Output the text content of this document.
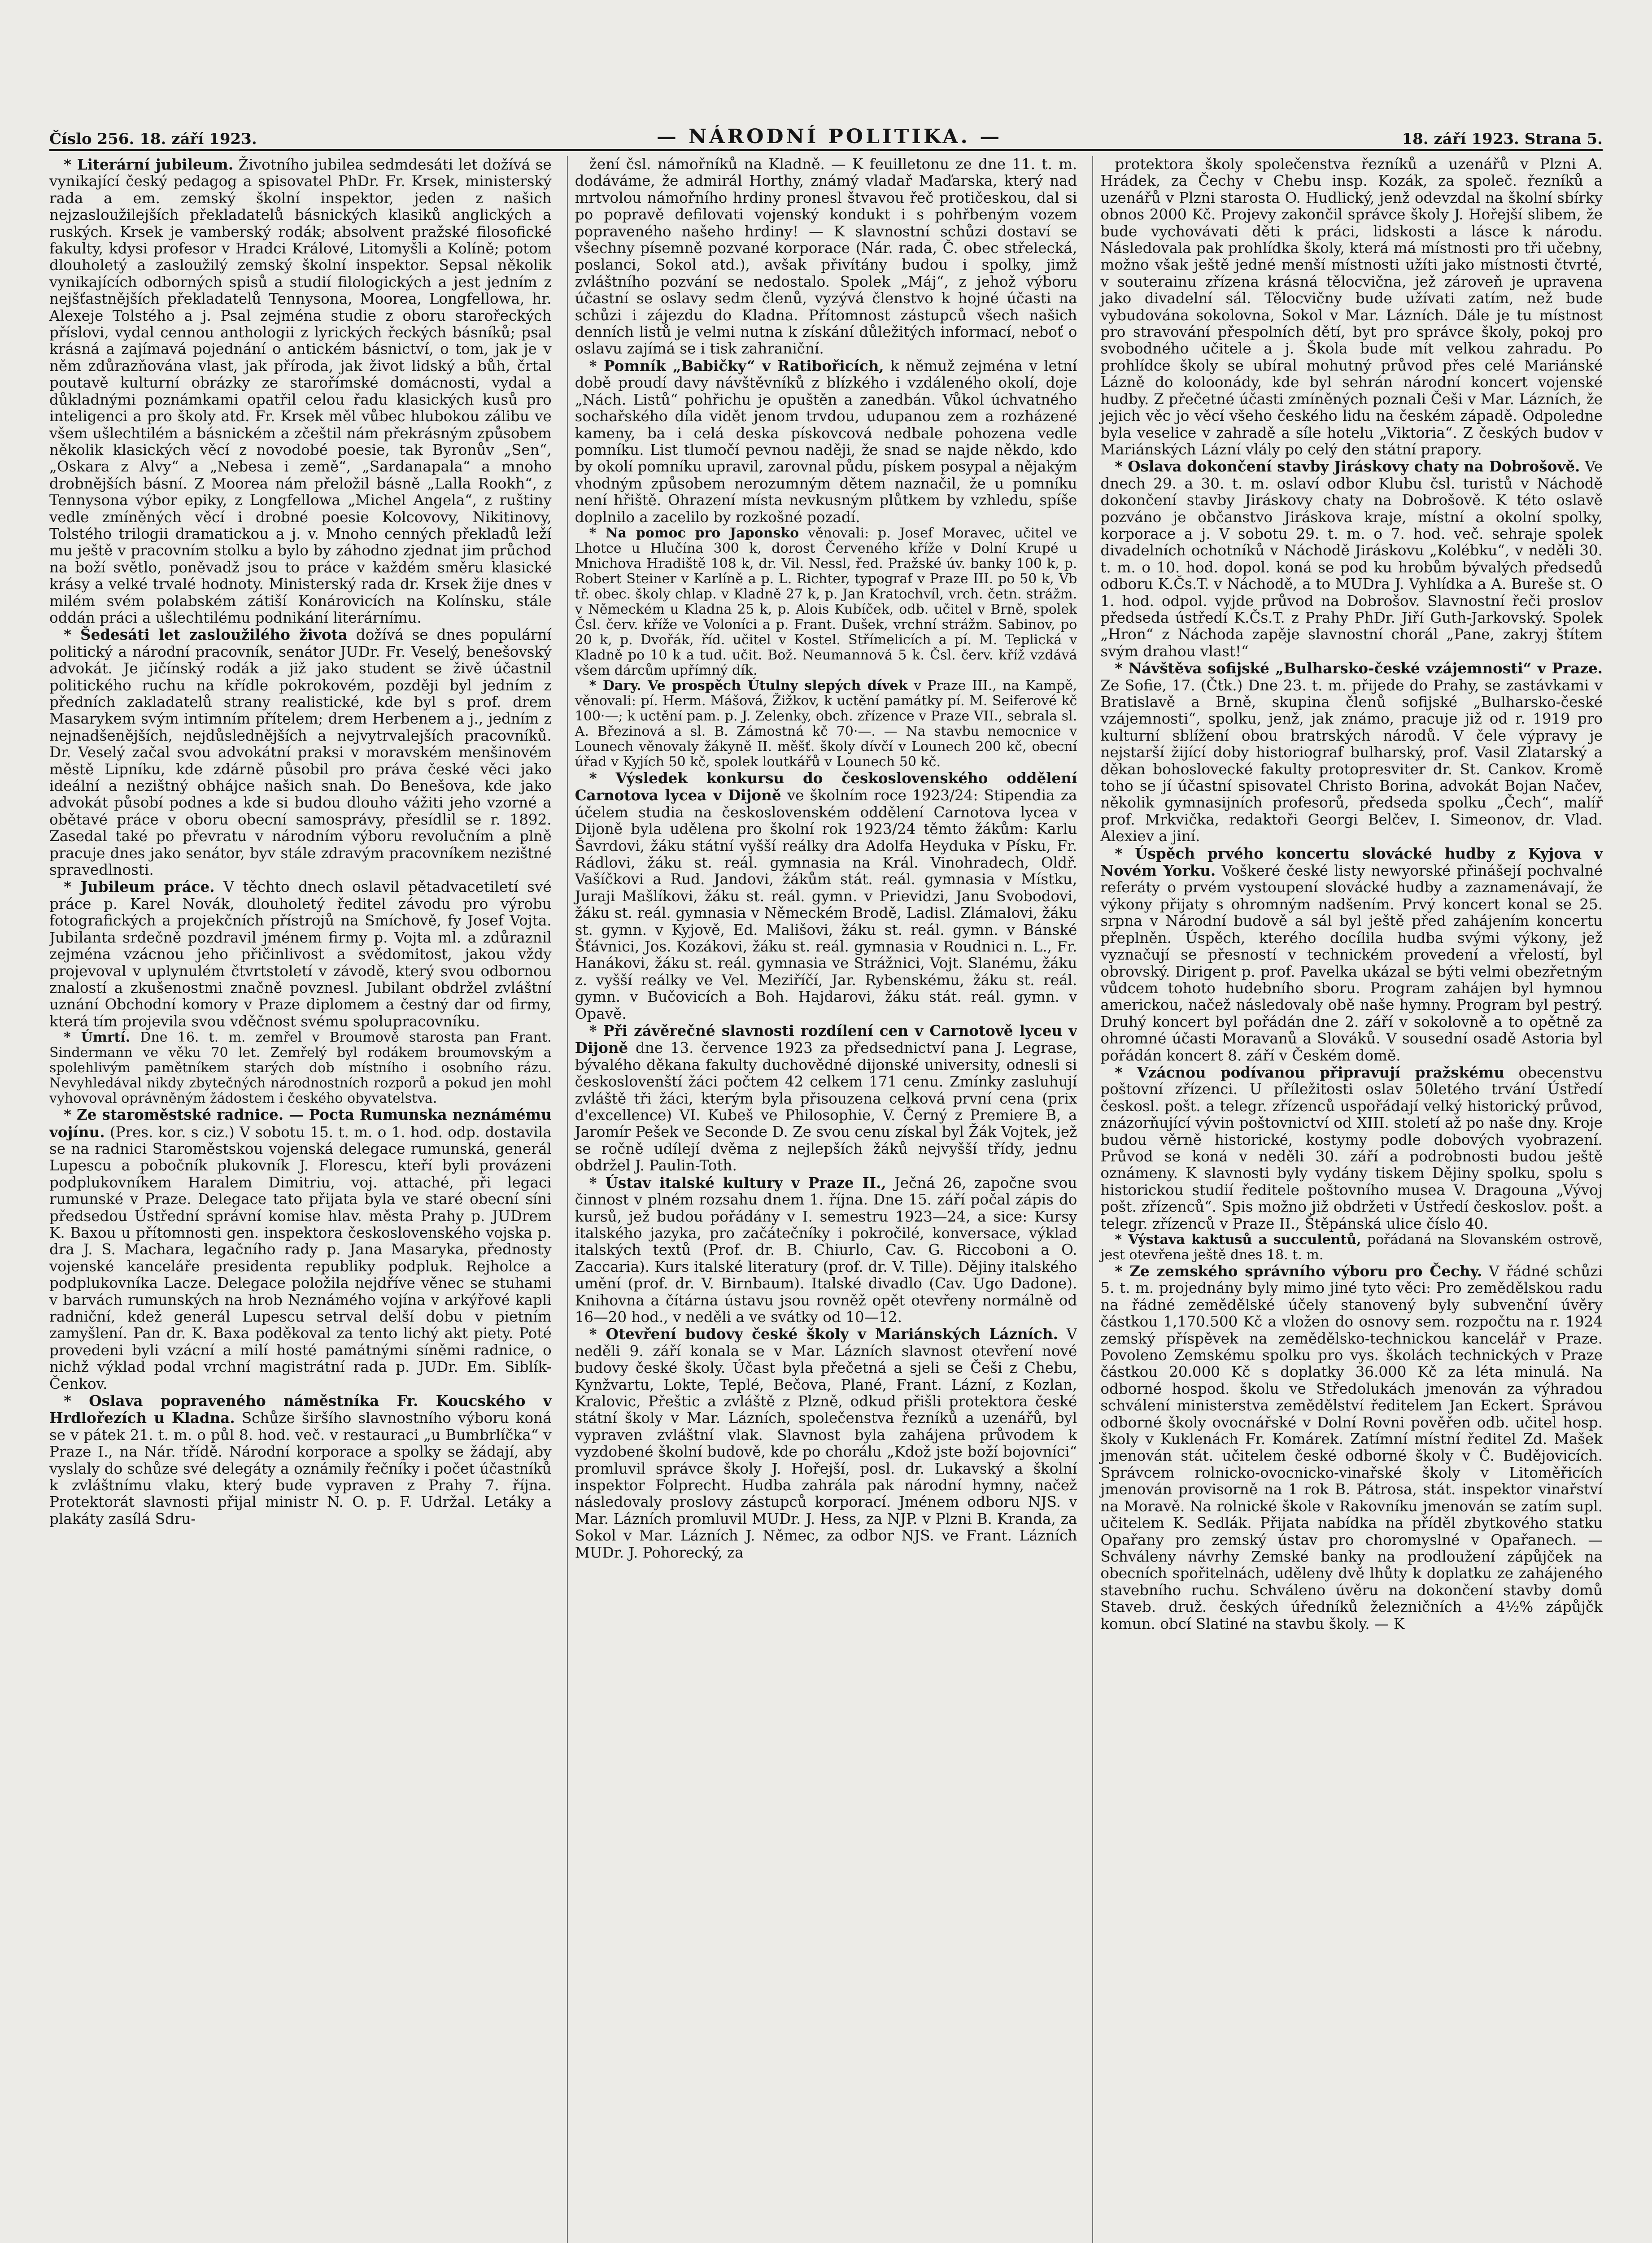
Číslo 256. 18. září 1923.	— NÁRODNÍ POLITIKA. —	18. září 1923. Strana 5.

* Literární jubileum. Životního jubilea sedmdesáti let dožívá se vynikající český pedagog a spisovatel PhDr. Fr. Krsek, ministerský rada a em. zemský školní inspektor, jeden z našich nejzasloužilejších překladatelů básnických klasiků anglických a ruských. Krsek je vamberský rodák; absolvent pražské filosofické fakulty, kdysi profesor v Hradci Králové, Litomyšli a Kolíně; potom dlouholetý a zasloužilý zemský školní inspektor. Sepsal několik vynikajících odborných spisů a studií filologických a jest jedním z nejšťastnějších překladatelů Tennysona, Moorea, Longfellowa, hr. Alexeje Tolstého a j. Psal zejména studie z oboru starořeckých příslovi, vydal cennou anthologii z lyrických řeckých básníků; psal krásná a zajímavá pojednání o antickém básnictví, o tom, jak je v něm zdůrazňována vlast, jak příroda, jak život lidský a bůh, črtal poutavě kulturní obrázky ze starořímské domácnosti, vydal a důkladnými poznámkami opatřil celou řadu klasických kusů pro inteligenci a pro školy atd. Fr. Krsek měl vůbec hlubokou zálibu ve všem ušlechtilém a básnickém a zčeštil nám překrásným způsobem několik klasických věcí z novodobé poesie, tak Byronův „Sen“, „Oskara z Alvy“ a „Nebesa i země“, „Sardanapala“ a mnoho drobnějších básní. Z Moorea nám přeložil básně „Lalla Rookh“, z Tennysona výbor epiky, z Longfellowa „Michel Angela“, z ruštiny vedle zmíněných věcí i drobné poesie Kolcovovy, Nikitinovy, Tolstého trilogii dramatickou a j. v. Mnoho cenných překladů leží mu ještě v pracovním stolku a bylo by záhodno zjednat jim průchod na boží světlo, poněvadž jsou to práce v každém směru klasické krásy a velké trvalé hodnoty. Ministerský rada dr. Krsek žije dnes v milém svém polabském zátiší Konárovicích na Kolínsku, stále oddán práci a ušlechtilému podnikání literárnímu.

* Šedesáti let zasloužilého života dožívá se dnes populární politický a národní pracovník, senátor JUDr. Fr. Veselý, benešovský advokát. Je jičínský rodák a již jako student se živě účastnil politického ruchu na křídle pokrokovém, později byl jedním z předních zakladatelů strany realistické, kde byl s prof. drem Masarykem svým intimním přítelem; drem Herbenem a j., jedním z nejnadšenějších, nejdůslednějších a nejvytrvalejších pracovníků. Dr. Veselý začal svou advokátní praksi v moravském menšinovém městě Lipníku, kde zdárně působil pro práva české věci jako ideální a nezištný obhájce našich snah. Do Benešova, kde jako advokát působí podnes a kde si budou dlouho vážiti jeho vzorné a obětavé práce v oboru obecní samosprávy, přesídlil se r. 1892. Zasedal také po převratu v národním výboru revolučním a plně pracuje dnes jako senátor, byv stále zdravým pracovníkem nezištné spravedlnosti.

* Jubileum práce. V těchto dnech oslavil pětadvacetiletí své práce p. Karel Novák, dlouholetý ředitel závodu pro výrobu fotografických a projekčních přístrojů na Smíchově, fy Josef Vojta. Jubilanta srdečně pozdravil jménem firmy p. Vojta ml. a zdůraznil zejména vzácnou jeho přičinlivost a svědomitost, jakou vždy projevoval v uplynulém čtvrtstoletí v závodě, který svou odbornou znalostí a zkušenostmi značně povznesl. Jubilant obdržel zvláštní uznání Obchodní komory v Praze diplomem a čestný dar od firmy, která tím projevila svou vděčnost svému spolupracovníku.

* Úmrtí. Dne 16. t. m. zemřel v Broumově starosta pan Frant. Sindermann ve věku 70 let. Zemřelý byl rodákem broumovským a spolehlivým pamětníkem starých dob místního i osobního rázu. Nevyhledával nikdy zbytečných národnostních rozporů a pokud jen mohl vyhovoval oprávněným žádostem i českého obyvatelstva.

* Ze staroměstské radnice. — Pocta Rumunska neznámému vojínu. (Pres. kor. s ciz.) V sobotu 15. t. m. o 1. hod. odp. dostavila se na radnici Staroměstskou vojenská delegace rumunská, generál Lupescu a pobočník plukovník J. Florescu, kteří byli provázeni podplukovníkem Haralem Dimitriu, voj. attaché, při legaci rumunské v Praze. Delegace tato přijata byla ve staré obecní síni předsedou Ústřední správní komise hlav. města Prahy p. JUDrem K. Baxou u přítomnosti gen. inspektora československého vojska p. dra J. S. Machara, legačního rady p. Jana Masaryka, přednosty vojenské kanceláře presidenta republiky podpluk. Rejholce a podplukovníka Lacze. Delegace položila nejdříve věnec se stuhami v barvách rumunských na hrob Neznámého vojína v arkýřové kapli radniční, kdež generál Lupescu setrval delší dobu v pietním zamyšlení. Pan dr. K. Baxa poděkoval za tento lichý akt piety. Poté provedeni byli vzácní a milí hosté památnými síněmi radnice, o nichž výklad podal vrchní magistrátní rada p. JUDr. Em. Siblík-Čenkov.

* Oslava popraveného náměstníka Fr. Koucského v Hrdlořezích u Kladna. Schůze širšího slavnostního výboru koná se v pátek 21. t. m. o půl 8. hod. več. v restauraci „u Bumbrlíčka“ v Praze I., na Nár. třídě. Národní korporace a spolky se žádají, aby vyslaly do schůze své delegáty a oznámily řečníky i počet účastníků k zvláštnímu vlaku, který bude vypraven z Prahy 7. října. Protektorát slavnosti přijal ministr N. O. p. F. Udržal. Letáky a plakáty zasílá Sdru-

žení čsl. námořníků na Kladně. — K feuilletonu ze dne 11. t. m. dodáváme, že admirál Horthy, známý vladař Maďarska, který nad mrtvolou námořního hrdiny pronesl štvavou řeč protičeskou, dal si po popravě defilovati vojenský kondukt i s pohřbeným vozem popraveného našeho hrdiny! — K slavnostní schůzi dostaví se všechny písemně pozvané korporace (Nár. rada, Č. obec střelecká, poslanci, Sokol atd.), avšak přivítány budou i spolky, jimž zvláštního pozvání se nedostalo. Spolek „Máj“, z jehož výboru účastní se oslavy sedm členů, vyzývá členstvo k hojné účasti na schůzi i zájezdu do Kladna. Přítomnost zástupců všech našich denních listů je velmi nutna k získání důležitých informací, neboť o oslavu zajímá se i tisk zahraniční.

* Pomník „Babičky“ v Ratibořicích, k němuž zejména v letní době proudí davy návštěvníků z blízkého i vzdáleného okolí, doje „Nách. Listů“ pohřichu je opuštěn a zanedbán. Vůkol úchvatného sochařského díla vidět jenom trvdou, udupanou zem a rozházené kameny, ba i celá deska pískovcová nedbale pohozena vedle pomníku. List tlumočí pevnou naději, že snad se najde někdo, kdo by okolí pomníku upravil, zarovnal půdu, pískem posypal a nějakým vhodným způsobem nerozumným dětem naznačil, že u pomníku není hřiště. Ohrazení místa nevkusným plůtkem by vzhledu, spíše doplnilo a zacelilo by rozkošné pozadí.

* Na pomoc pro Japonsko věnovali: p. Josef Moravec, učitel ve Lhotce u Hlučína 300 k, dorost Červeného kříže v Dolní Krupé u Mnichova Hradiště 108 k, dr. Vil. Nessl, řed. Pražské úv. banky 100 k, p. Robert Steiner v Karlíně a p. L. Richter, typograf v Praze III. po 50 k, Vb tř. obec. školy chlap. v Kladně 27 k, p. Jan Kratochvíl, vrch. četn. strážm. v Německém u Kladna 25 k, p. Alois Kubíček, odb. učitel v Brně, spolek Čsl. červ. kříže ve Voloníci a p. Frant. Dušek, vrchní strážm. Sabinov, po 20 k, p. Dvořák, říd. učitel v Kostel. Střímelicích a pí. M. Teplická v Kladně po 10 k a tud. učit. Bož. Neumannová 5 k. Čsl. červ. kříž vzdává všem dárcům upřímný dík.

* Dary. Ve prospěch Útulny slepých dívek v Praze III., na Kampě, věnovali: pí. Herm. Mášová, Žižkov, k uctění památky pí. M. Seiferové kč 100·—; k uctění pam. p. J. Zelenky, obch. zřízence v Praze VII., sebrala sl. A. Březinová a sl. B. Zámostná kč 70·—. — Na stavbu nemocnice v Lounech věnovaly žákyně II. měšť. školy dívčí v Lounech 200 kč, obecní úřad v Kyjích 50 kč, spolek loutkářů v Lounech 50 kč.

* Výsledek konkursu do československého oddělení Carnotova lycea v Dijoně ve školním roce 1923/24: Stipendia za účelem studia na československém oddělení Carnotova lycea v Dijoně byla udělena pro školní rok 1923/24 těmto žákům: Karlu Šavrdovi, žáku státní vyšší reálky dra Adolfa Heyduka v Písku, Fr. Rádlovi, žáku st. reál. gymnasia na Král. Vinohradech, Oldř. Vašíčkovi a Rud. Jandovi, žákům stát. reál. gymnasia v Místku, Juraji Mašlíkovi, žáku st. reál. gymn. v Prievidzi, Janu Svobodovi, žáku st. reál. gymnasia v Německém Brodě, Ladisl. Zlámalovi, žáku st. gymn. v Kyjově, Ed. Mališovi, žáku st. reál. gymn. v Bánské Šťávnici, Jos. Kozákovi, žáku st. reál. gymnasia v Roudnici n. L., Fr. Hanákovi, žáku st. reál. gymnasia ve Strážnici, Vojt. Slanému, žáku z. vyšší reálky ve Vel. Meziříčí, Jar. Rybenskému, žáku st. reál. gymn. v Bučovicích a Boh. Hajdarovi, žáku stát. reál. gymn. v Opavě.

* Při závěrečné slavnosti rozdílení cen v Carnotově lyceu v Dijoně dne 13. července 1923 za předsednictví pana J. Legrase, bývalého děkana fakulty duchovědné dijonské university, odnesli si českoslovenští žáci počtem 42 celkem 171 cenu. Zmínky zasluhují zvláště tři žáci, kterým byla přisouzena celková první cena (prix d'excellence) VI. Kubeš ve Philosophie, V. Černý z Premiere B, a Jaromír Pešek ve Seconde D. Ze svou cenu získal byl Žák Vojtek, jež se ročně udílejí dvěma z nejlepších žáků nejvyšší třídy, jednu obdržel J. Paulin-Toth.

* Ústav italské kultury v Praze II., Ječná 26, započne svou činnost v plném rozsahu dnem 1. října. Dne 15. září počal zápis do kursů, jež budou pořádány v I. semestru 1923—24, a sice: Kursy italského jazyka, pro začátečníky i pokročilé, konversace, výklad italských textů (Prof. dr. B. Chiurlo, Cav. G. Riccoboni a O. Zaccaria). Kurs italské literatury (prof. dr. V. Tille). Dějiny italského umění (prof. dr. V. Birnbaum). Italské divadlo (Cav. Ugo Dadone). Knihovna a čítárna ústavu jsou rovněž opět otevřeny normálně od 16—20 hod., v neděli a ve svátky od 10—12.

* Otevření budovy české školy v Mariánských Lázních. V neděli 9. září konala se v Mar. Lázních slavnost otevření nové budovy české školy. Účast byla přečetná a sjeli se Češi z Chebu, Kynžvartu, Lokte, Teplé, Bečova, Plané, Frant. Lázní, z Kozlan, Kralovic, Přeštic a zvláště z Plzně, odkud přišli protektora české státní školy v Mar. Lázních, společenstva řezníků a uzenářů, byl vypraven zvláštní vlak. Slavnost byla zahájena průvodem k vyzdobené školní budově, kde po chorálu „Kdož jste boží bojovníci“ promluvil správce školy J. Hořejší, posl. dr. Lukavský a školní inspektor Folprecht. Hudba zahrála pak národní hymny, načež následovaly proslovy zástupců korporací. Jménem odboru NJS. v Mar. Lázních promluvil MUDr. J. Hess, za NJP. v Plzni B. Kranda, za Sokol v Mar. Lázních J. Němec, za odbor NJS. ve Frant. Lázních MUDr. J. Pohorecký, za

protektora školy společenstva řezníků a uzenářů v Plzni A. Hrádek, za Čechy v Chebu insp. Kozák, za společ. řezníků a uzenářů v Plzni starosta O. Hudlický, jenž odevzdal na školní sbírky obnos 2000 Kč. Projevy zakončil správce školy J. Hořejší slibem, že bude vychovávati děti k práci, lidskosti a lásce k národu. Následovala pak prohlídka školy, která má místnosti pro tři učebny, možno však ještě jedné menší místnosti užíti jako místnosti čtvrté, v souterainu zřízena krásná tělocvična, jež zároveň je upravena jako divadelní sál. Tělocvičny bude užívati zatím, než bude vybudována sokolovna, Sokol v Mar. Lázních. Dále je tu místnost pro stravování přespolních dětí, byt pro správce školy, pokoj pro svobodného učitele a j. Škola bude mít velkou zahradu. Po prohlídce školy se ubíral mohutný průvod přes celé Mariánské Lázně do koloonády, kde byl sehrán národní koncert vojenské hudby. Z přečetné účasti zmíněných poznali Češi v Mar. Lázních, že jejich věc jo věcí všeho českého lidu na českém západě. Odpoledne byla veselice v zahradě a síle hotelu „Viktoria“. Z českých budov v Mariánských Lázní vlály po celý den státní prapory.

* Oslava dokončení stavby Jiráskovy chaty na Dobrošově. Ve dnech 29. a 30. t. m. oslaví odbor Klubu čsl. turistů v Náchodě dokončení stavby Jiráskovy chaty na Dobrošově. K této oslavě pozváno je občanstvo Jiráskova kraje, místní a okolní spolky, korporace a j. V sobotu 29. t. m. o 7. hod. več. sehraje spolek divadelních ochotníků v Náchodě Jiráskovu „Kolébku“, v neděli 30. t. m. o 10. hod. dopol. koná se pod ku hrobům bývalých předsedů odboru K.Čs.T. v Náchodě, a to MUDra J. Vyhlídka a A. Bureše st. O 1. hod. odpol. vyjde průvod na Dobrošov. Slavnostní řeči proslov předseda ústředí K.Čs.T. z Prahy PhDr. Jiří Guth-Jarkovský. Spolek „Hron“ z Náchoda zapěje slavnostní chorál „Pane, zakryj štítem svým drahou vlast!“

* Návštěva sofijské „Bulharsko-české vzájemnosti“ v Praze. Ze Sofie, 17. (Čtk.) Dne 23. t. m. přijede do Prahy, se zastávkami v Bratislavě a Brně, skupina členů sofijské „Bulharsko-české vzájemnosti“, spolku, jenž, jak známo, pracuje již od r. 1919 pro kulturní sblížení obou bratrských národů. V čele výpravy je nejstarší žijící doby historiograf bulharský, prof. Vasil Zlatarský a děkan bohoslovecké fakulty protopresviter dr. St. Cankov. Kromě toho se jí účastní spisovatel Christo Borina, advokát Bojan Načev, několik gymnasijních profesorů, předseda spolku „Čech“, malíř prof. Mrkvička, redaktoři Georgi Belčev, I. Simeonov, dr. Vlad. Alexiev a jiní.

* Úspěch prvého koncertu slovácké hudby z Kyjova v Novém Yorku. Voškeré české listy newyorské přinášejí pochvalné referáty o prvém vystoupení slovácké hudby a zaznamenávají, že výkony přijaty s ohromným nadšením. Prvý koncert konal se 25. srpna v Národní budově a sál byl ještě před zahájením koncertu přeplněn. Úspěch, kterého docílila hudba svými výkony, jež vyznačují se přesností v technickém provedení a vřelostí, byl obrovský. Dirigent p. prof. Pavelka ukázal se býti velmi obezřetným vůdcem tohoto hudebního sboru. Program zahájen byl hymnou americkou, načež následovaly obě naše hymny. Program byl pestrý. Druhý koncert byl pořádán dne 2. září v sokolovně a to opětně za ohromné účasti Moravanů a Slováků. V sousední osadě Astoria byl pořádán koncert 8. září v Českém domě.

* Vzácnou podívanou připravují pražskému obecenstvu poštovní zřízenci. U příležitosti oslav 50letého trvání Ústředí českosl. pošt. a telegr. zřízenců uspořádají velký historický průvod, znázorňující vývin poštovnictví od XIII. století až po naše dny. Kroje budou věrně historické, kostymy podle dobových vyobrazení. Průvod se koná v neděli 30. září a podrobnosti budou ještě oznámeny. K slavnosti byly vydány tiskem Dějiny spolku, spolu s historickou studií ředitele poštovního musea V. Dragouna „Vývoj pošt. zřízenců“. Spis možno již obdržeti v Ústředí českoslov. pošt. a telegr. zřízenců v Praze II., Štěpánská ulice číslo 40.

* Výstava kaktusů a succulentů, pořádaná na Slovanském ostrově, jest otevřena ještě dnes 18. t. m.

* Ze zemského správního výboru pro Čechy. V řádné schůzi 5. t. m. projednány byly mimo jiné tyto věci: Pro zemědělskou radu na řádné zemědělské účely stanovený byly subvenční úvěry částkou 1,170.500 Kč a vložen do osnovy sem. rozpočtu na r. 1924 zemský příspěvek na zemědělsko-technickou kancelář v Praze. Povoleno Zemskému spolku pro vys. školách technických v Praze částkou 20.000 Kč s doplatky 36.000 Kč za léta minulá. Na odborné hospod. školu ve Středolukách jmenován za výhradou schválení ministerstva zemědělství ředitelem Jan Eckert. Správou odborné školy ovocnářské v Dolní Rovni pověřen odb. učitel hosp. školy v Kuklenách Fr. Komárek. Zatímní místní ředitel Zd. Mašek jmenován stát. učitelem české odborné školy v Č. Budějovicích. Správcem rolnicko-ovocnicko-vinařské školy v Litoměřicích jmenován provisorně na 1 rok B. Pátrosa, stát. inspektor vinařství na Moravě. Na rolnické škole v Rakovníku jmenován se zatím supl. učitelem K. Sedlák. Přijata nabídka na příděl zbytkového statku Opařany pro zemský ústav pro choromyslné v Opařanech. — Schváleny návrhy Zemské banky na prodloužení zápůjček na obecních spořitelnách, uděleny dvě lhůty k doplatku ze zahájeného stavebního ruchu. Schváleno úvěru na dokončení stavby domů Staveb. druž. českých úředníků železničních a 4½% zápůjčk komun. obcí Slatiné na stavbu školy. — K
